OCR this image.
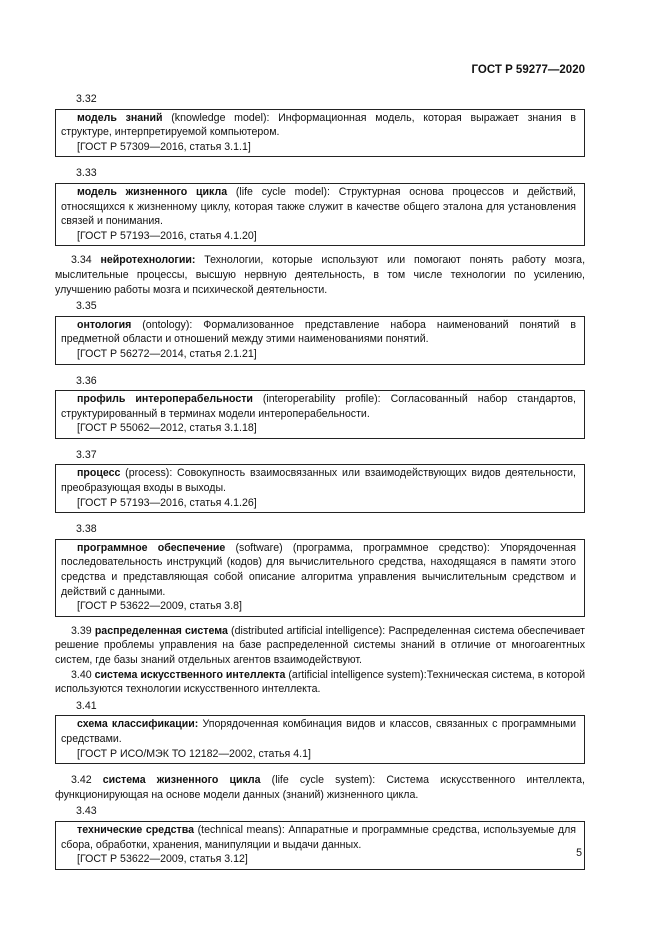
ГОСТ Р 59277—2020
3.32

модель знаний (knowledge model): Информационная модель, которая выражает знания в структуре, интерпретируемой компьютером.

[ГОСТ Р 57309—2016, статья 3.1.1]
3.33

модель жизненного цикла (life cycle model): Структурная основа процессов и действий, относящихся к жизненному циклу, которая также служит в качестве общего эталона для установления связей и понимания.

[ГОСТ Р 57193—2016, статья 4.1.20]

3.34 нейротехнологии: Технологии, которые используют или помогают понять работу мозга, мыслительные процессы, высшую нервную деятельность, в том числе технологии по усилению, улучшению работы мозга и психической деятельности.

3.35

онтология (ontology): Формализованное представление набора наименований понятий в предметной области и отношений между этими наименованиями понятий.

[ГОСТ Р 56272—2014, статья 2.1.21]
3.36

профиль интероперабельности (interoperability profile): Согласованный набор стандартов, структурированный в терминах модели интероперабельности.

[ГОСТ Р 55062—2012, статья 3.1.18]
3.37

процесс (process): Совокупность взаимосвязанных или взаимодействующих видов деятельности, преобразующая входы в выходы.

[ГОСТ Р 57193—2016, статья 4.1.26]
3.38

программное обеспечение (software) (программа, программное средство): Упорядоченная последовательность инструкций (кодов) для вычислительного средства, находящаяся в памяти этого средства и представляющая собой описание алгоритма управления вычислительным средством и действий с данными.

[ГОСТ Р 53622—2009, статья 3.8]

3.39 распределенная система (distributed artificial intelligence): Распределенная система обеспечивает решение проблемы управления на базе распределенной системы знаний в отличие от многоагентных систем, где базы знаний отдельных агентов взаимодействуют.

3.40 система искусственного интеллекта (artificial intelligence system):Техническая система, в которой используются технологии искусственного интеллекта.

3.41

схема классификации: Упорядоченная комбинация видов и классов, связанных с программными средствами.

[ГОСТ Р ИСО/МЭК ТО 12182—2002, статья 4.1]

3.42 система жизненного цикла (life cycle system): Система искусственного интеллекта, функционирующая на основе модели данных (знаний) жизненного цикла.

3.43

технические средства (technical means): Аппаратные и программные средства, используемые для сбора, обработки, хранения, манипуляции и выдачи данных.

[ГОСТ Р 53622—2009, статья 3.12]
5
